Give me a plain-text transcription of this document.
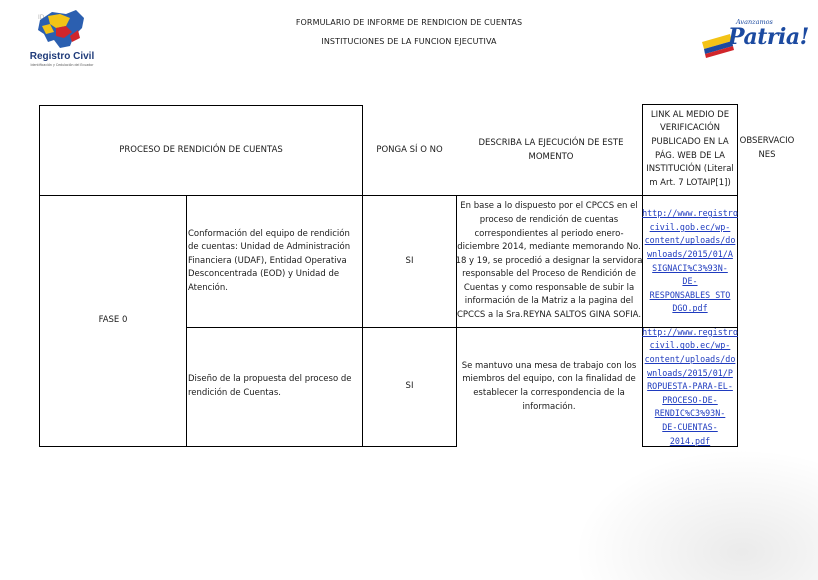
ID
FORMULARIO DE INFORME DE RENDICION DE CUENTAS
INSTITUCIONES DE LA FUNCION EJECUTIVA
Registro Civil
Identificación y Cedulación del Ecuador
Avanzamos
Patria!
PROCESO DE RENDICIÓN DE CUENTAS	PONGA SÍ O NO
DESCRIBA LA EJECUCIÓN DE ESTE MOMENTO
LINK AL MEDIO DE VERIFICACIÓN PUBLICADO EN LA PÁG. WEB DE LA INSTITUCIÓN (Literal m Art. 7 LOTAIP[1])
OBSERVACIONES
FASE 0
Conformación del equipo de rendición de cuentas: Unidad de Administración Financiera (UDAF), Entidad Operativa Desconcentrada (EOD) y Unidad de Atención.
SI
En base a lo dispuesto por el CPCCS en el proceso de rendición de cuentas correspondientes al periodo enero-diciembre 2014, mediante memorando No. 18 y 19, se procedió a designar la servidora responsable del Proceso de Rendición de Cuentas y como responsable de subir la información de la Matriz a la pagina del CPCCS a la Sra.REYNA SALTOS GINA SOFIA.
http://www.registro
civil.gob.ec/wp-
content/uploads/do
wnloads/2015/01/A
SIGNACI%C3%93N-
DE-
RESPONSABLES_STO
DGO.pdf
Diseño de la propuesta del proceso de rendición de Cuentas.
SI
Se mantuvo una mesa de trabajo con los miembros del equipo, con la finalidad de establecer la correspondencia de la información.
http://www.registro
civil.gob.ec/wp-
content/uploads/do
wnloads/2015/01/P
ROPUESTA-PARA-EL-
PROCESO-DE-
RENDIC%C3%93N-
DE-CUENTAS-
2014.pdf
